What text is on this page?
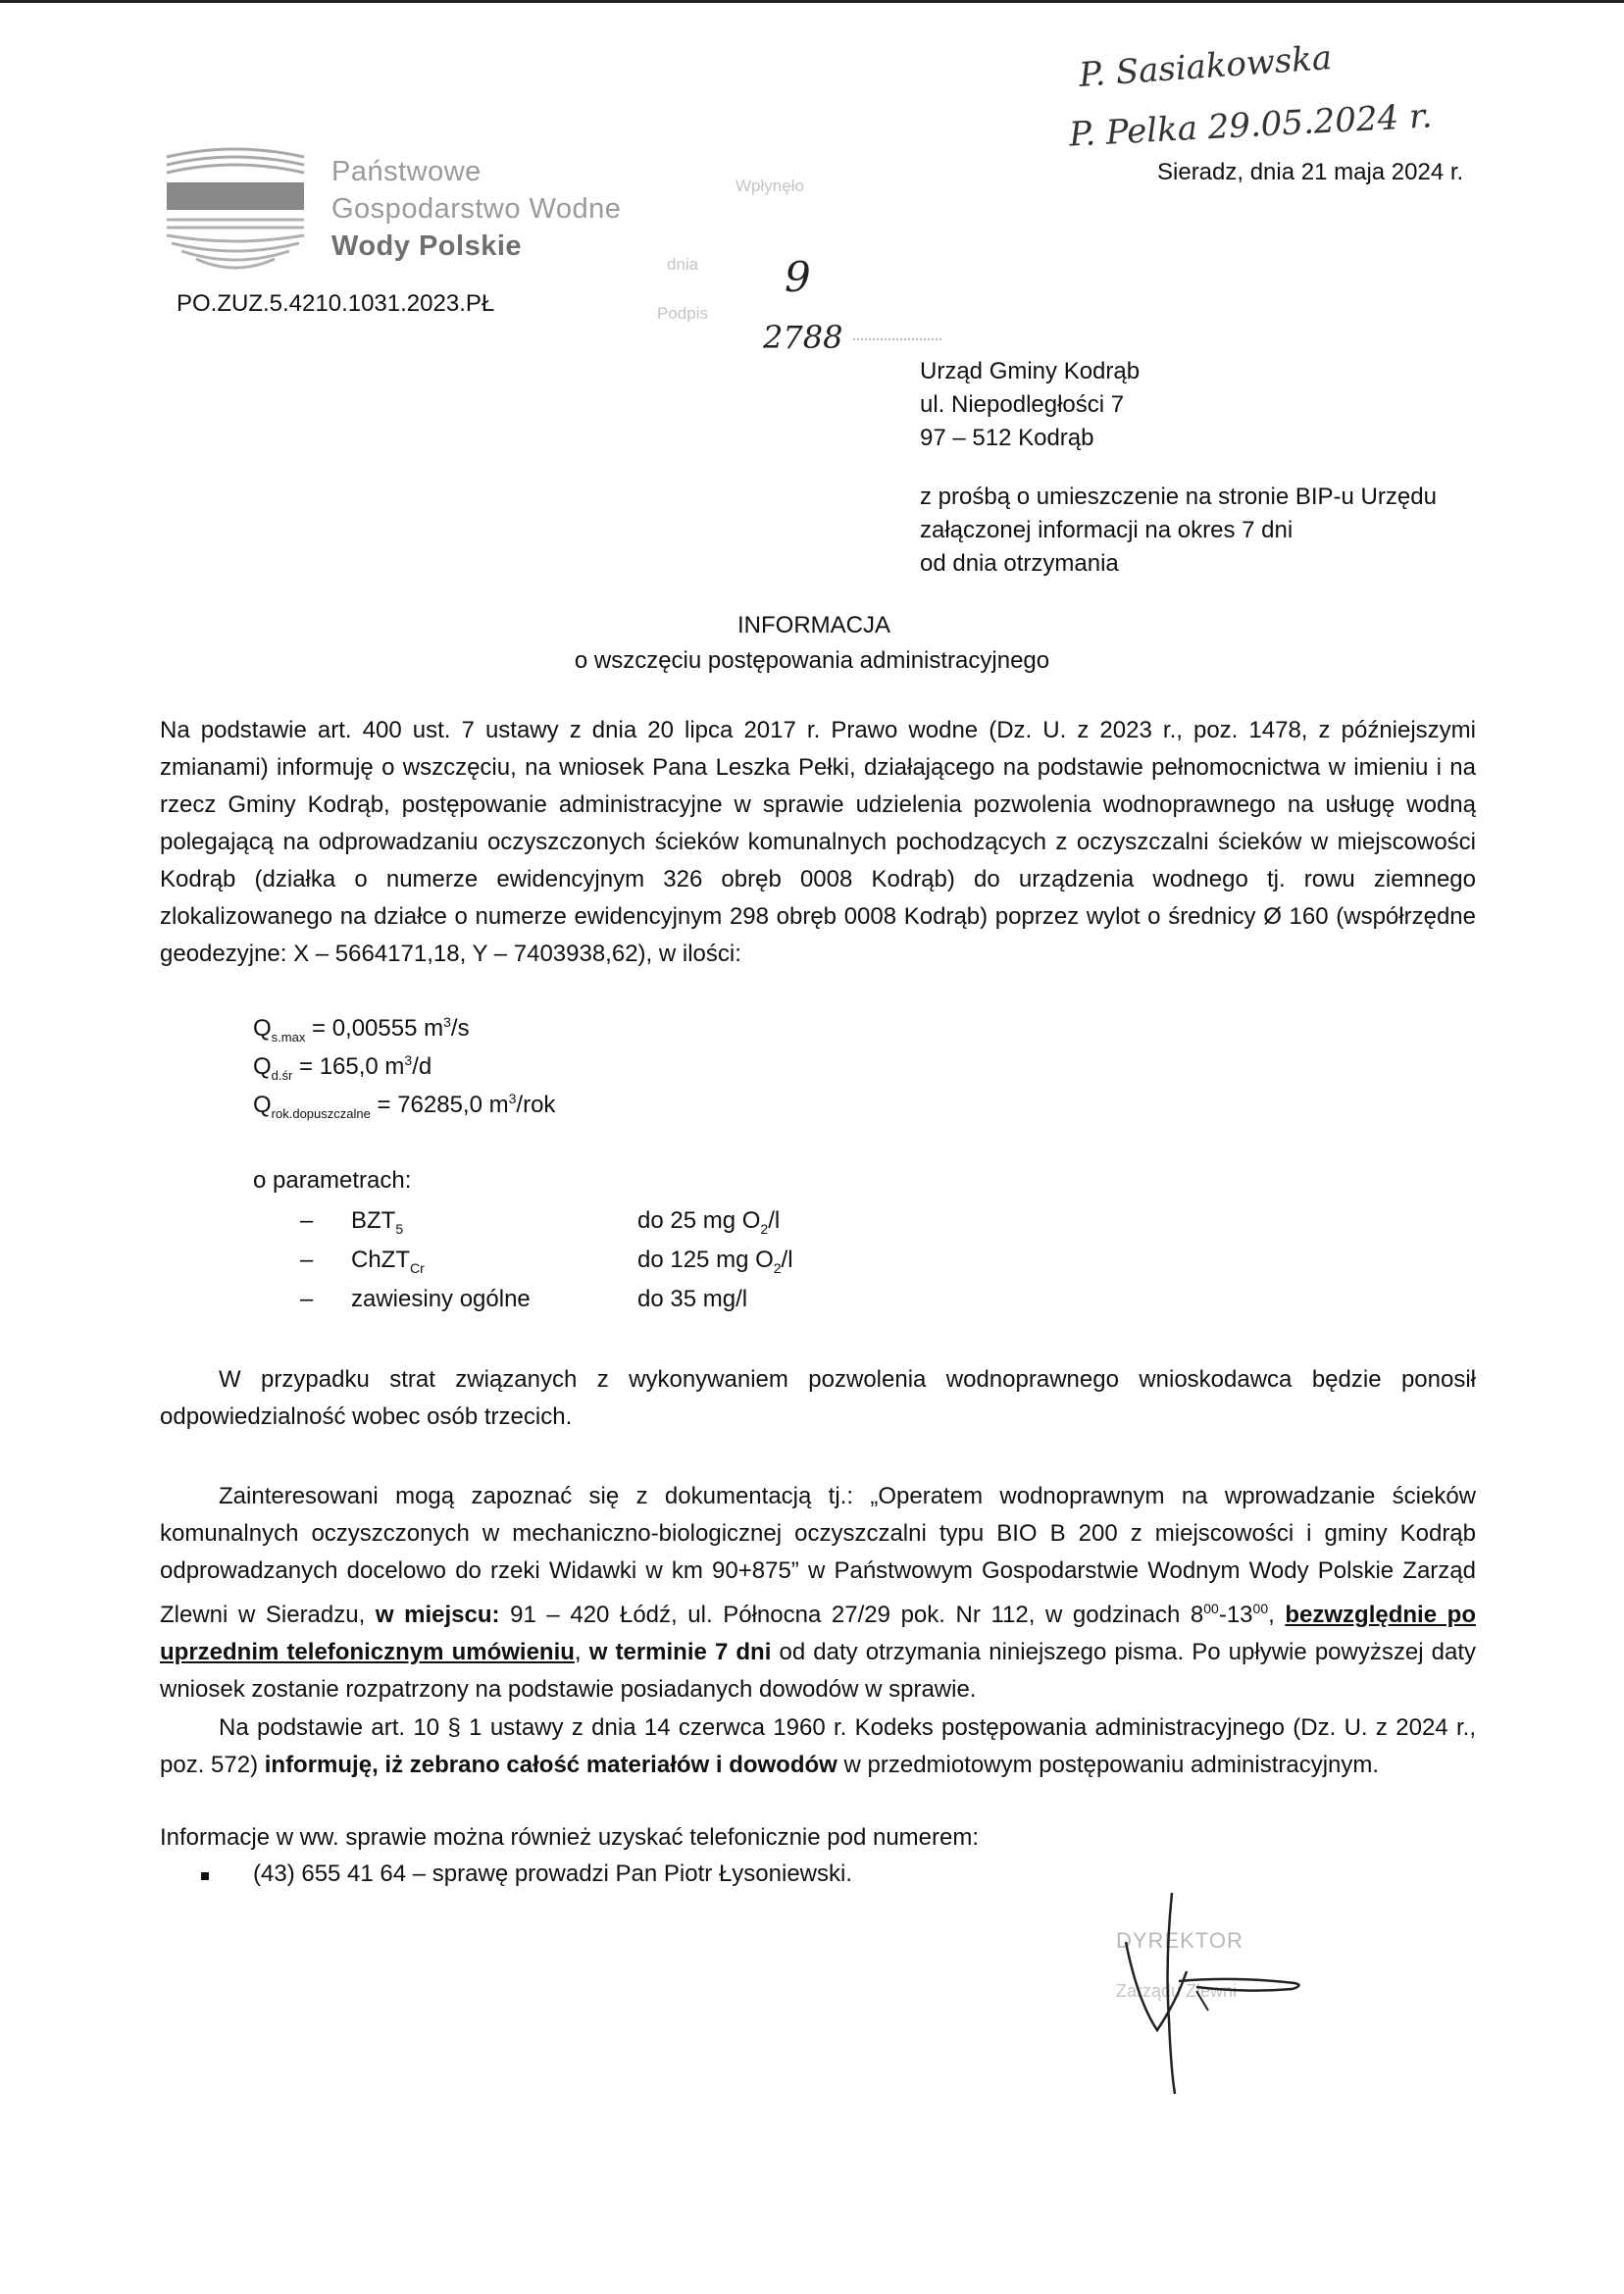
P. Sasiakowska
P. Pelka 29.05.2024 r.
Państwowe
Gospodarstwo Wodne
Wody Polskie
PO.ZUZ.5.4210.1031.2023.PŁ
Wpłynęło
dnia
Podpis
9
2788
Sieradz, dnia 21 maja 2024 r.
Urząd Gminy Kodrąb
ul. Niepodległości 7
97 – 512 Kodrąb
z prośbą o umieszczenie na stronie BIP-u Urzędu
załączonej informacji na okres 7 dni
od dnia otrzymania
INFORMACJA
o wszczęciu postępowania administracyjnego
Na podstawie art. 400 ust. 7 ustawy z dnia 20 lipca 2017 r. Prawo wodne (Dz. U. z 2023 r., poz. 1478, z późniejszymi zmianami) informuję o wszczęciu, na wniosek Pana Leszka Pełki, działającego na podstawie pełnomocnictwa w imieniu i na rzecz Gminy Kodrąb, postępowanie administracyjne w sprawie udzielenia pozwolenia wodnoprawnego na usługę wodną polegającą na odprowadzaniu oczyszczonych ścieków komunalnych pochodzących z oczyszczalni ścieków w miejscowości Kodrąb (działka o numerze ewidencyjnym 326 obręb 0008 Kodrąb) do urządzenia wodnego tj. rowu ziemnego zlokalizowanego na działce o numerze ewidencyjnym 298 obręb 0008 Kodrąb) poprzez wylot o średnicy Ø 160 (współrzędne geodezyjne: X – 5664171,18, Y – 7403938,62), w ilości:
$Q_{s.max} = 0,00555$ $m^3/s$
$Q_{d.śr} = 165,0$ $m^3/d$
$Q_{rok.dopuszczalne} = 76285,0$ $m^3$/rok
o parametrach:
– $BZT_5$	do 25 mg $O_2/l$
– ChZT$_{Cr}$	do 125 mg $O_2/l$
– zawiesiny ogólne	do 35 mg/l
W przypadku strat związanych z wykonywaniem pozwolenia wodnoprawnego wnioskodawca będzie ponosił odpowiedzialność wobec osób trzecich.
Zainteresowani mogą zapoznać się z dokumentacją tj.: „Operatem wodnoprawnym na wprowadzanie ścieków komunalnych oczyszczonych w mechaniczno-biologicznej oczyszczalni typu BIO B 200 z miejscowości i gminy Kodrąb odprowadzanych docelowo do rzeki Widawki w km 90+875” w Państwowym Gospodarstwie Wodnym Wody Polskie Zarząd Zlewni w Sieradzu, w miejscu: 91 – 420 Łódź, ul. Północna 27/29 pok. Nr 112, w godzinach $8^{00}-13^{00}$, bezwzględnie po uprzednim telefonicznym umówieniu, w terminie 7 dni od daty otrzymania niniejszego pisma. Po upływie powyższej daty wniosek zostanie rozpatrzony na podstawie posiadanych dowodów w sprawie.
Na podstawie art. 10 § 1 ustawy z dnia 14 czerwca 1960 r. Kodeks postępowania administracyjnego (Dz. U. z 2024 r., poz. 572) informuję, iż zebrano całość materiałów i dowodów w przedmiotowym postępowaniu administracyjnym.
Informacje w ww. sprawie można również uzyskać telefonicznie pod numerem:
(43) 655 41 64 – sprawę prowadzi Pan Piotr Łysoniewski.
DYREKTOR
Zarządu Zlewni
